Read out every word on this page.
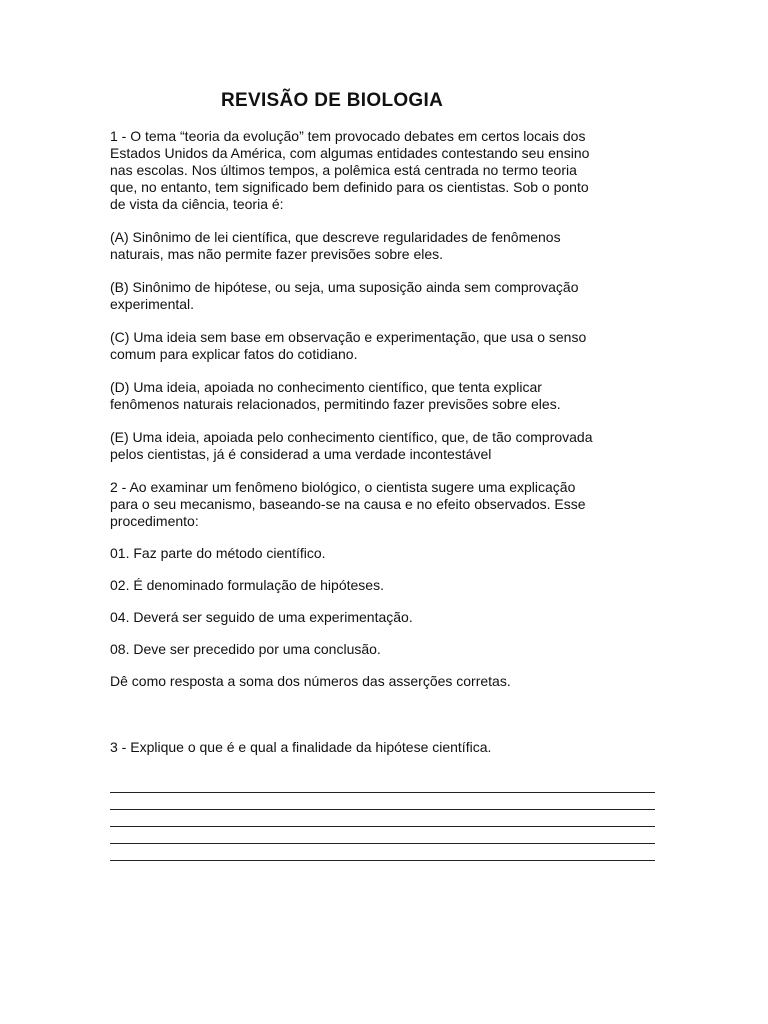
REVISÃO DE BIOLOGIA

1 - O tema “teoria da evolução” tem provocado debates em certos locais dos
Estados Unidos da América, com algumas entidades contestando seu ensino
nas escolas. Nos últimos tempos, a polêmica está centrada no termo teoria
que, no entanto, tem significado bem definido para os cientistas. Sob o ponto
de vista da ciência, teoria é:

(A) Sinônimo de lei científica, que descreve regularidades de fenômenos
naturais, mas não permite fazer previsões sobre eles.

(B) Sinônimo de hipótese, ou seja, uma suposição ainda sem comprovação
experimental.

(C) Uma ideia sem base em observação e experimentação, que usa o senso
comum para explicar fatos do cotidiano.

(D) Uma ideia, apoiada no conhecimento científico, que tenta explicar
fenômenos naturais relacionados, permitindo fazer previsões sobre eles.

(E) Uma ideia, apoiada pelo conhecimento científico, que, de tão comprovada
pelos cientistas, já é considerad a uma verdade incontestável

2 - Ao examinar um fenômeno biológico, o cientista sugere uma explicação
para o seu mecanismo, baseando-se na causa e no efeito observados. Esse
procedimento:

01. Faz parte do método científico.

02. É denominado formulação de hipóteses.

04. Deverá ser seguido de uma experimentação.

08. Deve ser precedido por uma conclusão.

Dê como resposta a soma dos números das asserções corretas.

3 - Explique o que é e qual a finalidade da hipótese científica.
